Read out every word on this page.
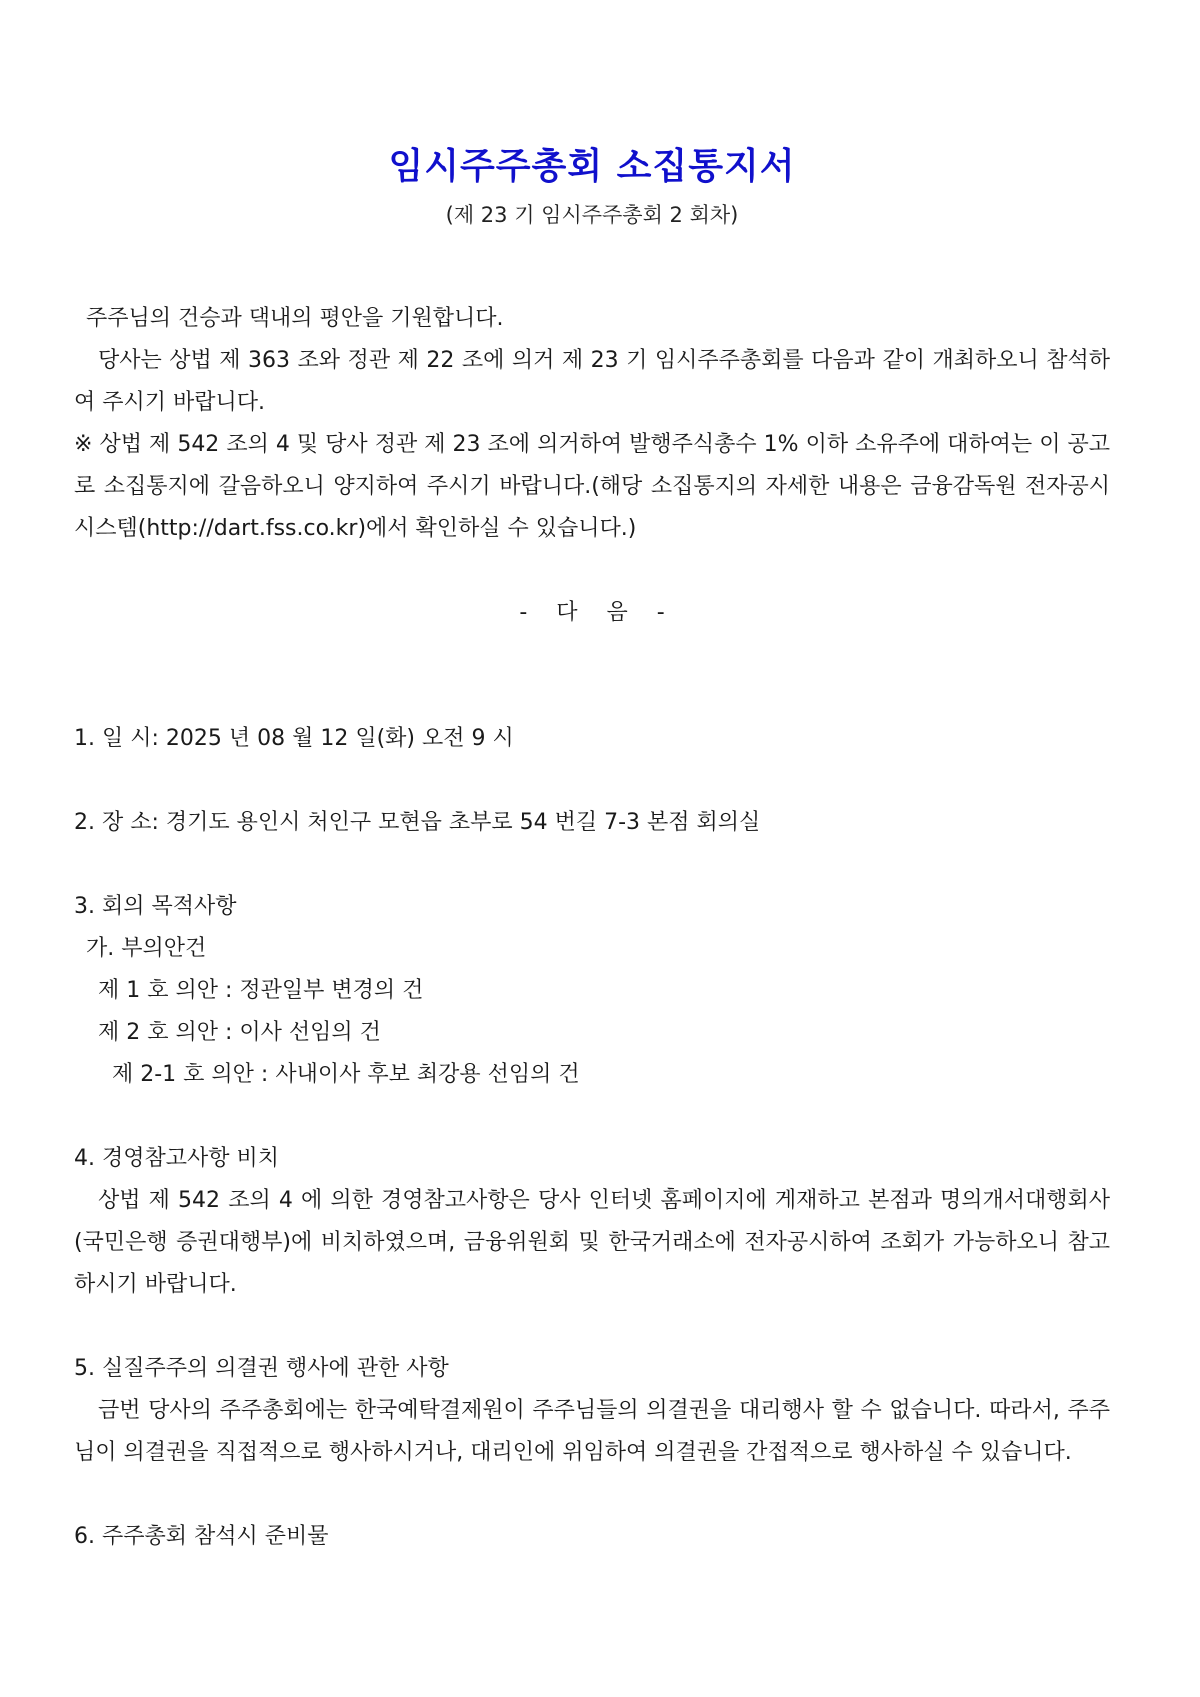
임시주주총회 소집통지서
(제 23 기 임시주주총회 2 회차)

주주님의 건승과 댁내의 평안을 기원합니다.

당사는 상법 제 363 조와 정관 제 22 조에 의거 제 23 기 임시주주총회를 다음과 같이 개최하오니 참석하여 주시기 바랍니다.

※ 상법 제 542 조의 4 및 당사 정관 제 23 조에 의거하여 발행주식총수 1% 이하 소유주에 대하여는 이 공고로 소집통지에 갈음하오니 양지하여 주시기 바랍니다.(해당 소집통지의 자세한 내용은 금융감독원 전자공시시스템(http://dart.fss.co.kr)에서 확인하실 수 있습니다.)

- 다 음 -

1. 일 시: 2025 년 08 월 12 일(화) 오전 9 시

2. 장 소: 경기도 용인시 처인구 모현읍 초부로 54 번길 7-3 본점 회의실

3. 회의 목적사항

가. 부의안건

제 1 호 의안 : 정관일부 변경의 건

제 2 호 의안 : 이사 선임의 건

제 2-1 호 의안 : 사내이사 후보 최강용 선임의 건

4. 경영참고사항 비치

상법 제 542 조의 4 에 의한 경영참고사항은 당사 인터넷 홈페이지에 게재하고 본점과 명의개서대행회사(국민은행 증권대행부)에 비치하였으며, 금융위원회 및 한국거래소에 전자공시하여 조회가 가능하오니 참고하시기 바랍니다.

5. 실질주주의 의결권 행사에 관한 사항

금번 당사의 주주총회에는 한국예탁결제원이 주주님들의 의결권을 대리행사 할 수 없습니다. 따라서, 주주님이 의결권을 직접적으로 행사하시거나, 대리인에 위임하여 의결권을 간접적으로 행사하실 수 있습니다.

6. 주주총회 참석시 준비물
